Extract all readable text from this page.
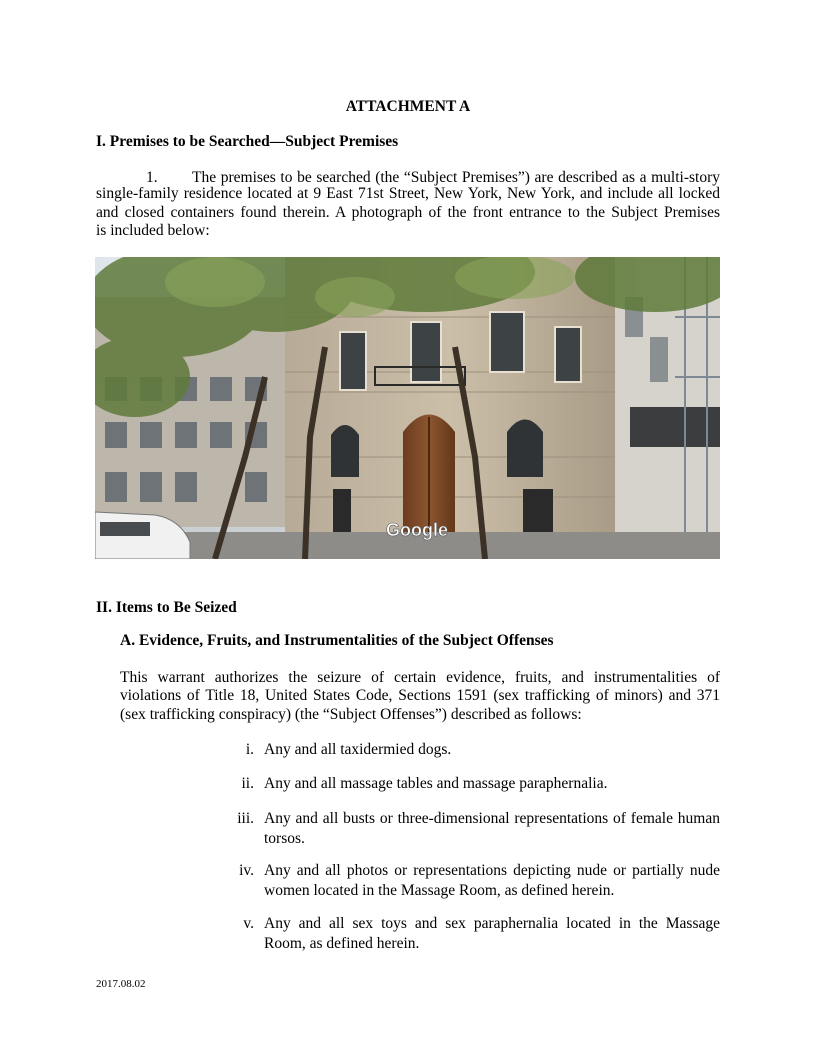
ATTACHMENT A
I. Premises to be Searched—Subject Premises
1. The premises to be searched (the “Subject Premises”) are described as a multi-story
single-family residence located at 9 East 71st Street, New York, New York, and include all locked
and closed containers found therein. A photograph of the front entrance to the Subject Premises
is included below:
Google
II. Items to Be Seized
A. Evidence, Fruits, and Instrumentalities of the Subject Offenses
This warrant authorizes the seizure of certain evidence, fruits, and instrumentalities of
violations of Title 18, United States Code, Sections 1591 (sex trafficking of minors) and 371
(sex trafficking conspiracy) (the “Subject Offenses”) described as follows:
i. Any and all taxidermied dogs.
ii. Any and all massage tables and massage paraphernalia.
iii. Any and all busts or three-dimensional representations of female human torsos.
iv. Any and all photos or representations depicting nude or partially nude women located in the Massage Room, as defined herein.
v. Any and all sex toys and sex paraphernalia located in the Massage Room, as defined herein.
2017.08.02
